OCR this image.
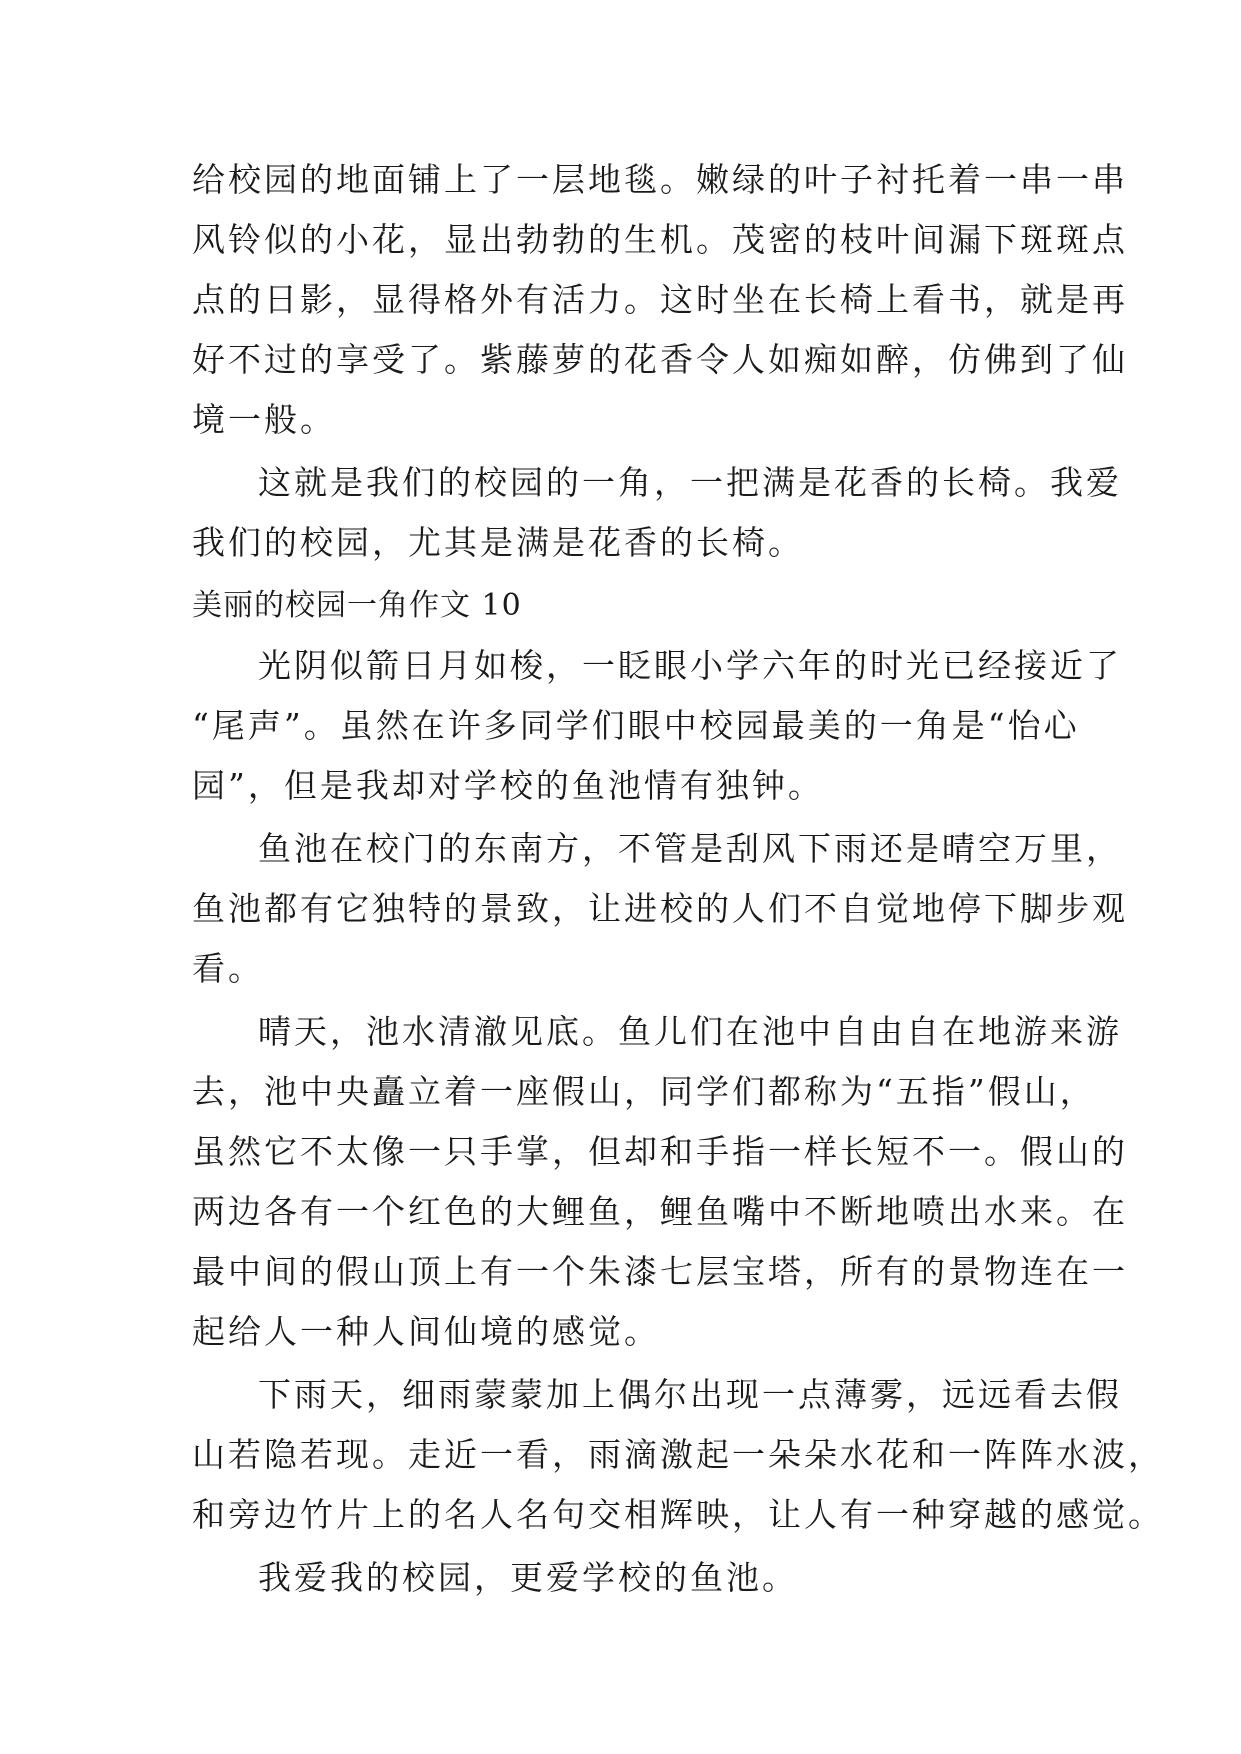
给校园的地面铺上了一层地毯。嫩绿的叶子衬托着一串一串
风铃似的小花，显出勃勃的生机。茂密的枝叶间漏下斑斑点
点的日影，显得格外有活力。这时坐在长椅上看书，就是再
好不过的享受了。紫藤萝的花香令人如痴如醉，仿佛到了仙
境一般。
这就是我们的校园的一角，一把满是花香的长椅。我爱
我们的校园，尤其是满是花香的长椅。
美丽的校园一角作文 10
光阴似箭日月如梭，一眨眼小学六年的时光已经接近了
“尾声”。虽然在许多同学们眼中校园最美的一角是“怡心
园”，但是我却对学校的鱼池情有独钟。
鱼池在校门的东南方，不管是刮风下雨还是晴空万里，
鱼池都有它独特的景致，让进校的人们不自觉地停下脚步观
看。
晴天，池水清澈见底。鱼儿们在池中自由自在地游来游
去，池中央矗立着一座假山，同学们都称为“五指”假山，
虽然它不太像一只手掌，但却和手指一样长短不一。假山的
两边各有一个红色的大鲤鱼，鲤鱼嘴中不断地喷出水来。在
最中间的假山顶上有一个朱漆七层宝塔，所有的景物连在一
起给人一种人间仙境的感觉。
下雨天，细雨蒙蒙加上偶尔出现一点薄雾，远远看去假
山若隐若现。走近一看，雨滴激起一朵朵水花和一阵阵水波，
和旁边竹片上的名人名句交相辉映，让人有一种穿越的感觉。
我爱我的校园，更爱学校的鱼池。
